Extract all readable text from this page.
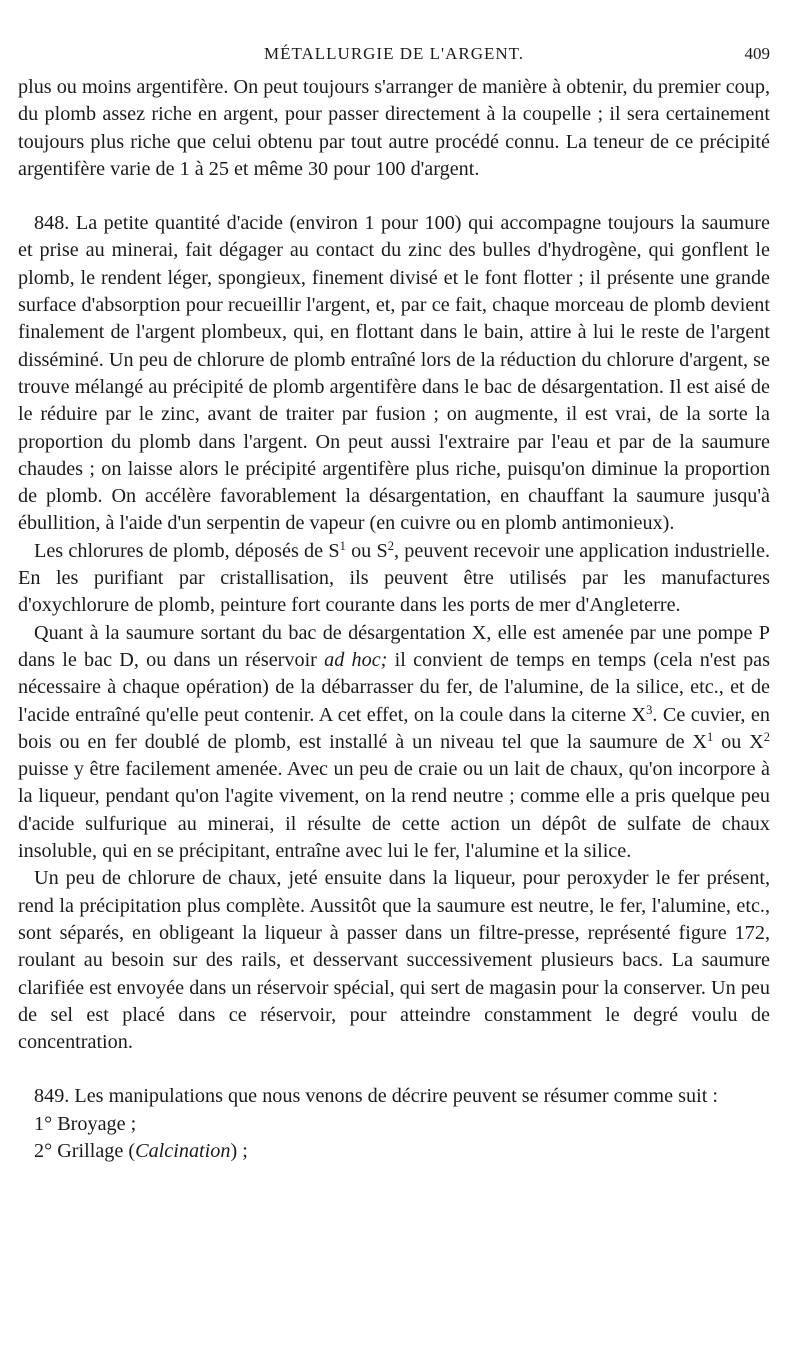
MÉTALLURGIE DE L'ARGENT.	409

plus ou moins argentifère. On peut toujours s'arranger de manière à obtenir, du premier coup, du plomb assez riche en argent, pour passer directement à la coupelle ; il sera certainement toujours plus riche que celui obtenu par tout autre procédé connu. La teneur de ce précipité argentifère varie de 1 à 25 et même 30 pour 100 d'argent.

848. La petite quantité d'acide (environ 1 pour 100) qui accompagne toujours la saumure et prise au minerai, fait dégager au contact du zinc des bulles d'hydrogène, qui gonflent le plomb, le rendent léger, spongieux, finement divisé et le font flotter ; il présente une grande surface d'absorption pour recueillir l'argent, et, par ce fait, chaque morceau de plomb devient finalement de l'argent plombeux, qui, en flottant dans le bain, attire à lui le reste de l'argent disséminé. Un peu de chlorure de plomb entraîné lors de la réduction du chlorure d'argent, se trouve mélangé au précipité de plomb argentifère dans le bac de désargentation. Il est aisé de le réduire par le zinc, avant de traiter par fusion ; on augmente, il est vrai, de la sorte la proportion du plomb dans l'argent. On peut aussi l'extraire par l'eau et par de la saumure chaudes ; on laisse alors le précipité argentifère plus riche, puisqu'on diminue la proportion de plomb. On accélère favorablement la désargentation, en chauffant la saumure jusqu'à ébullition, à l'aide d'un serpentin de vapeur (en cuivre ou en plomb antimonieux).

Les chlorures de plomb, déposés de $S^1$ ou $S^2$, peuvent recevoir une application industrielle. En les purifiant par cristallisation, ils peuvent être utilisés par les manufactures d'oxychlorure de plomb, peinture fort courante dans les ports de mer d'Angleterre.

Quant à la saumure sortant du bac de désargentation X, elle est amenée par une pompe P dans le bac D, ou dans un réservoir ad hoc; il convient de temps en temps (cela n'est pas nécessaire à chaque opération) de la débarrasser du fer, de l'alumine, de la silice, etc., et de l'acide entraîné qu'elle peut contenir. A cet effet, on la coule dans la citerne $X^3$. Ce cuvier, en bois ou en fer doublé de plomb, est installé à un niveau tel que la saumure de $X^1$ ou $X^2$ puisse y être facilement amenée. Avec un peu de craie ou un lait de chaux, qu'on incorpore à la liqueur, pendant qu'on l'agite vivement, on la rend neutre ; comme elle a pris quelque peu d'acide sulfurique au minerai, il résulte de cette action un dépôt de sulfate de chaux insoluble, qui en se précipitant, entraîne avec lui le fer, l'alumine et la silice.

Un peu de chlorure de chaux, jeté ensuite dans la liqueur, pour peroxyder le fer présent, rend la précipitation plus complète. Aussitôt que la saumure est neutre, le fer, l'alumine, etc., sont séparés, en obligeant la liqueur à passer dans un filtre-presse, représenté figure 172, roulant au besoin sur des rails, et desservant successivement plusieurs bacs. La saumure clarifiée est envoyée dans un réservoir spécial, qui sert de magasin pour la conserver. Un peu de sel est placé dans ce réservoir, pour atteindre constamment le degré voulu de concentration.

849. Les manipulations que nous venons de décrire peuvent se résumer comme suit :

1° Broyage ;

2° Grillage (Calcination) ;
